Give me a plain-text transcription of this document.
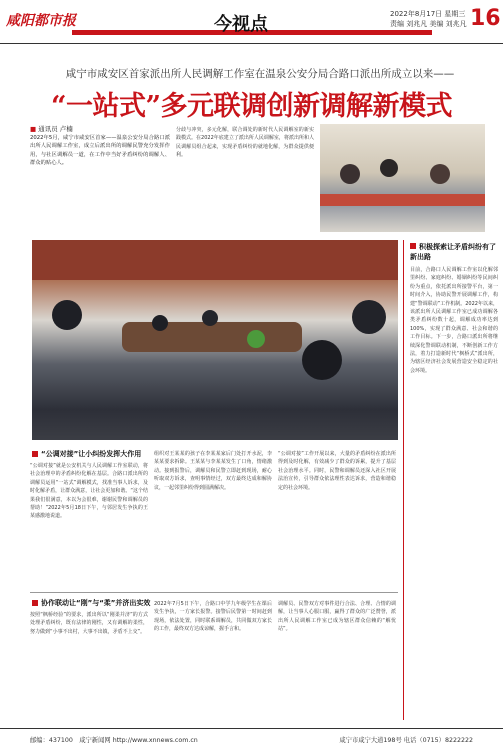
咸阳都市报	今视点	2022年8月17日 星期三
责编 刘兆凡 美编 刘兆凡 16
咸宁市咸安区首家派出所人民调解工作室在温泉公安分局合路口派出所成立以来——
“一站式”多元联调创新调解新模式
■ 通讯员 卢楠
2022年5月，咸宁市咸安区首家——温泉公安分局合路口派出所人民调解工作室，成立后派出所的调解民警充分发挥作用，与社区调解员一道，在工作中当好矛盾纠纷的调解人、群众的贴心人。
分歧与冲突，多元化解，联合调处的新时代人民调解室的新实践模式。在2022年底建立了派出所人民调解室，将派出所和人民调解员组合起来，实现矛盾纠纷的就地化解，为群众提供便利。
积极探索让矛盾纠纷有了新出路
目前，合路口人民调解工作室以化解邻里纠纷、家庭纠纷、婚姻纠纷等民间纠纷为重点，依托派出所接警平台，第一时间介入，协助民警开展调解工作，构建“警调联动”工作机制。2022年以来，该派出所人民调解工作室已成功调解各类矛盾纠纷数十起，调解成功率达到100%，实现了群众满意、社会和谐的工作目标。下一步，合路口派出所将继续深化警调联动机制，不断创新工作方法，着力打造新时代“枫桥式”派出所，为辖区经济社会发展营造安全稳定的社会环境。
“公调对接”让小纠纷发挥大作用
“公调对接”就是公安机关与人民调解工作室联动，将社会治理中的矛盾纠纷化解在基层。合路口派出所的调解员运用“一站式”调解模式，找准当事人诉求，及时化解矛盾，让群众满意，让社会更加和谐。“这个结果我们很满意，本以为会很难，谢谢民警和调解员的帮助！”2022年5月18日下午，与邻居发生争执的王某感激地说道。
组织对王某某的孩子在李某某家后门处打开水泥，李某某要求拆除。王某某与李某某发生了口角，情绪激动。接到报警后，调解员和民警立即赶到现场，耐心听取双方诉求，查明事情经过，双方最终达成和解协议，一起邻里纠纷得到圆满解决。
“公调对接”工作开展以来，大量的矛盾纠纷在派出所得到及时化解，有效减少了群众的诉累，提升了基层社会治理水平。同时，民警和调解员还深入社区开展法治宣传，引导群众依法理性表达诉求，营造和谐稳定的社会环境。
协作联动让“刚”与“柔”并济出实效
按照“枫桥经验”的要求，派出所以“刚柔并济”的方式处理矛盾纠纷，既有法律的刚性，又有调解的柔性，努力做到“小事不出村，大事不出镇，矛盾不上交”。
2022年7月5日下午，合路口中学九年级学生在课后发生争执，一方家长报警。接警后民警第一时间赶到现场，依法处置，同时联系调解员，共同做双方家长的工作，最终双方达成谅解，握手言和。
调解员、民警双方对事件进行合法、合理、合情的调解，让当事人心服口服，赢得了群众的广泛赞誉，派出所人民调解工作室已成为辖区群众信赖的“解忧站”。
邮编：437100　咸宁新闻网 http://www.xnnews.com.cn	咸宁市咸宁大道198号 电话（0715）8222222
